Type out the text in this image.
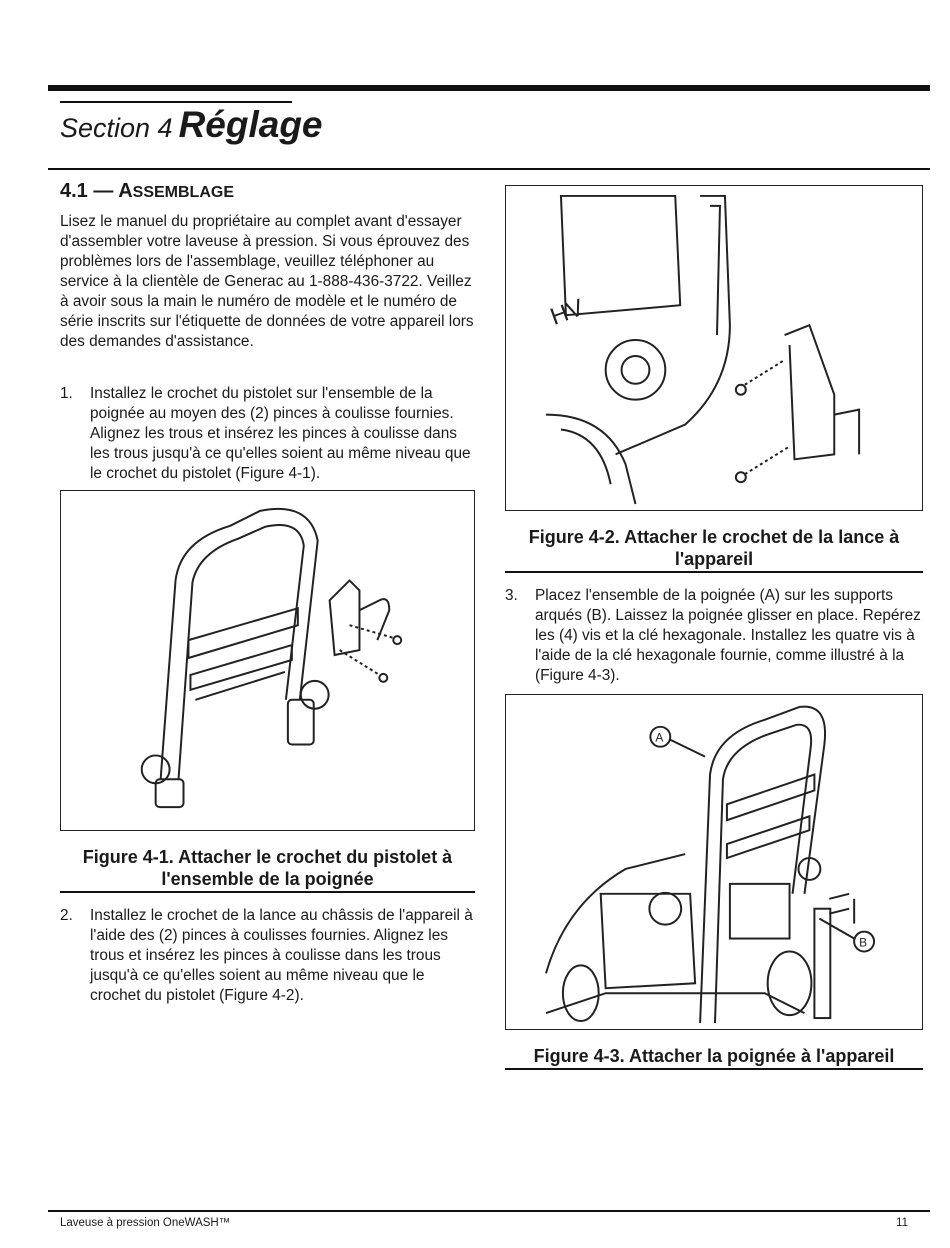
Section 4 Réglage
4.1 — ASSEMBLAGE

Lisez le manuel du propriétaire au complet avant d'essayer d'assembler votre laveuse à pression. Si vous éprouvez des problèmes lors de l'assemblage, veuillez téléphoner au service à la clientèle de Generac au 1-888-436-3722. Veillez à avoir sous la main le numéro de modèle et le numéro de série inscrits sur l'étiquette de données de votre appareil lors des demandes d'assistance.

1. Installez le crochet du pistolet sur l'ensemble de la poignée au moyen des (2) pinces à coulisse fournies. Alignez les trous et insérez les pinces à coulisse dans les trous jusqu'à ce qu'elles soient au même niveau que le crochet du pistolet (Figure 4-1).
Figure 4-1. Attacher le crochet du pistolet à l'ensemble de la poignée
2. Installez le crochet de la lance au châssis de l'appareil à l'aide des (2) pinces à coulisses fournies. Alignez les trous et insérez les pinces à coulisse dans les trous jusqu'à ce qu'elles soient au même niveau que le crochet du pistolet (Figure 4-2).
HV
Figure 4-2. Attacher le crochet de la lance à l'appareil
3. Placez l'ensemble de la poignée (A) sur les supports arqués (B). Laissez la poignée glisser en place. Repérez les (4) vis et la clé hexagonale. Installez les quatre vis à l'aide de la clé hexagonale fournie, comme illustré à la (Figure 4-3).
A
B
Figure 4-3. Attacher la poignée à l'appareil
Laveuse à pression OneWASH™	11
